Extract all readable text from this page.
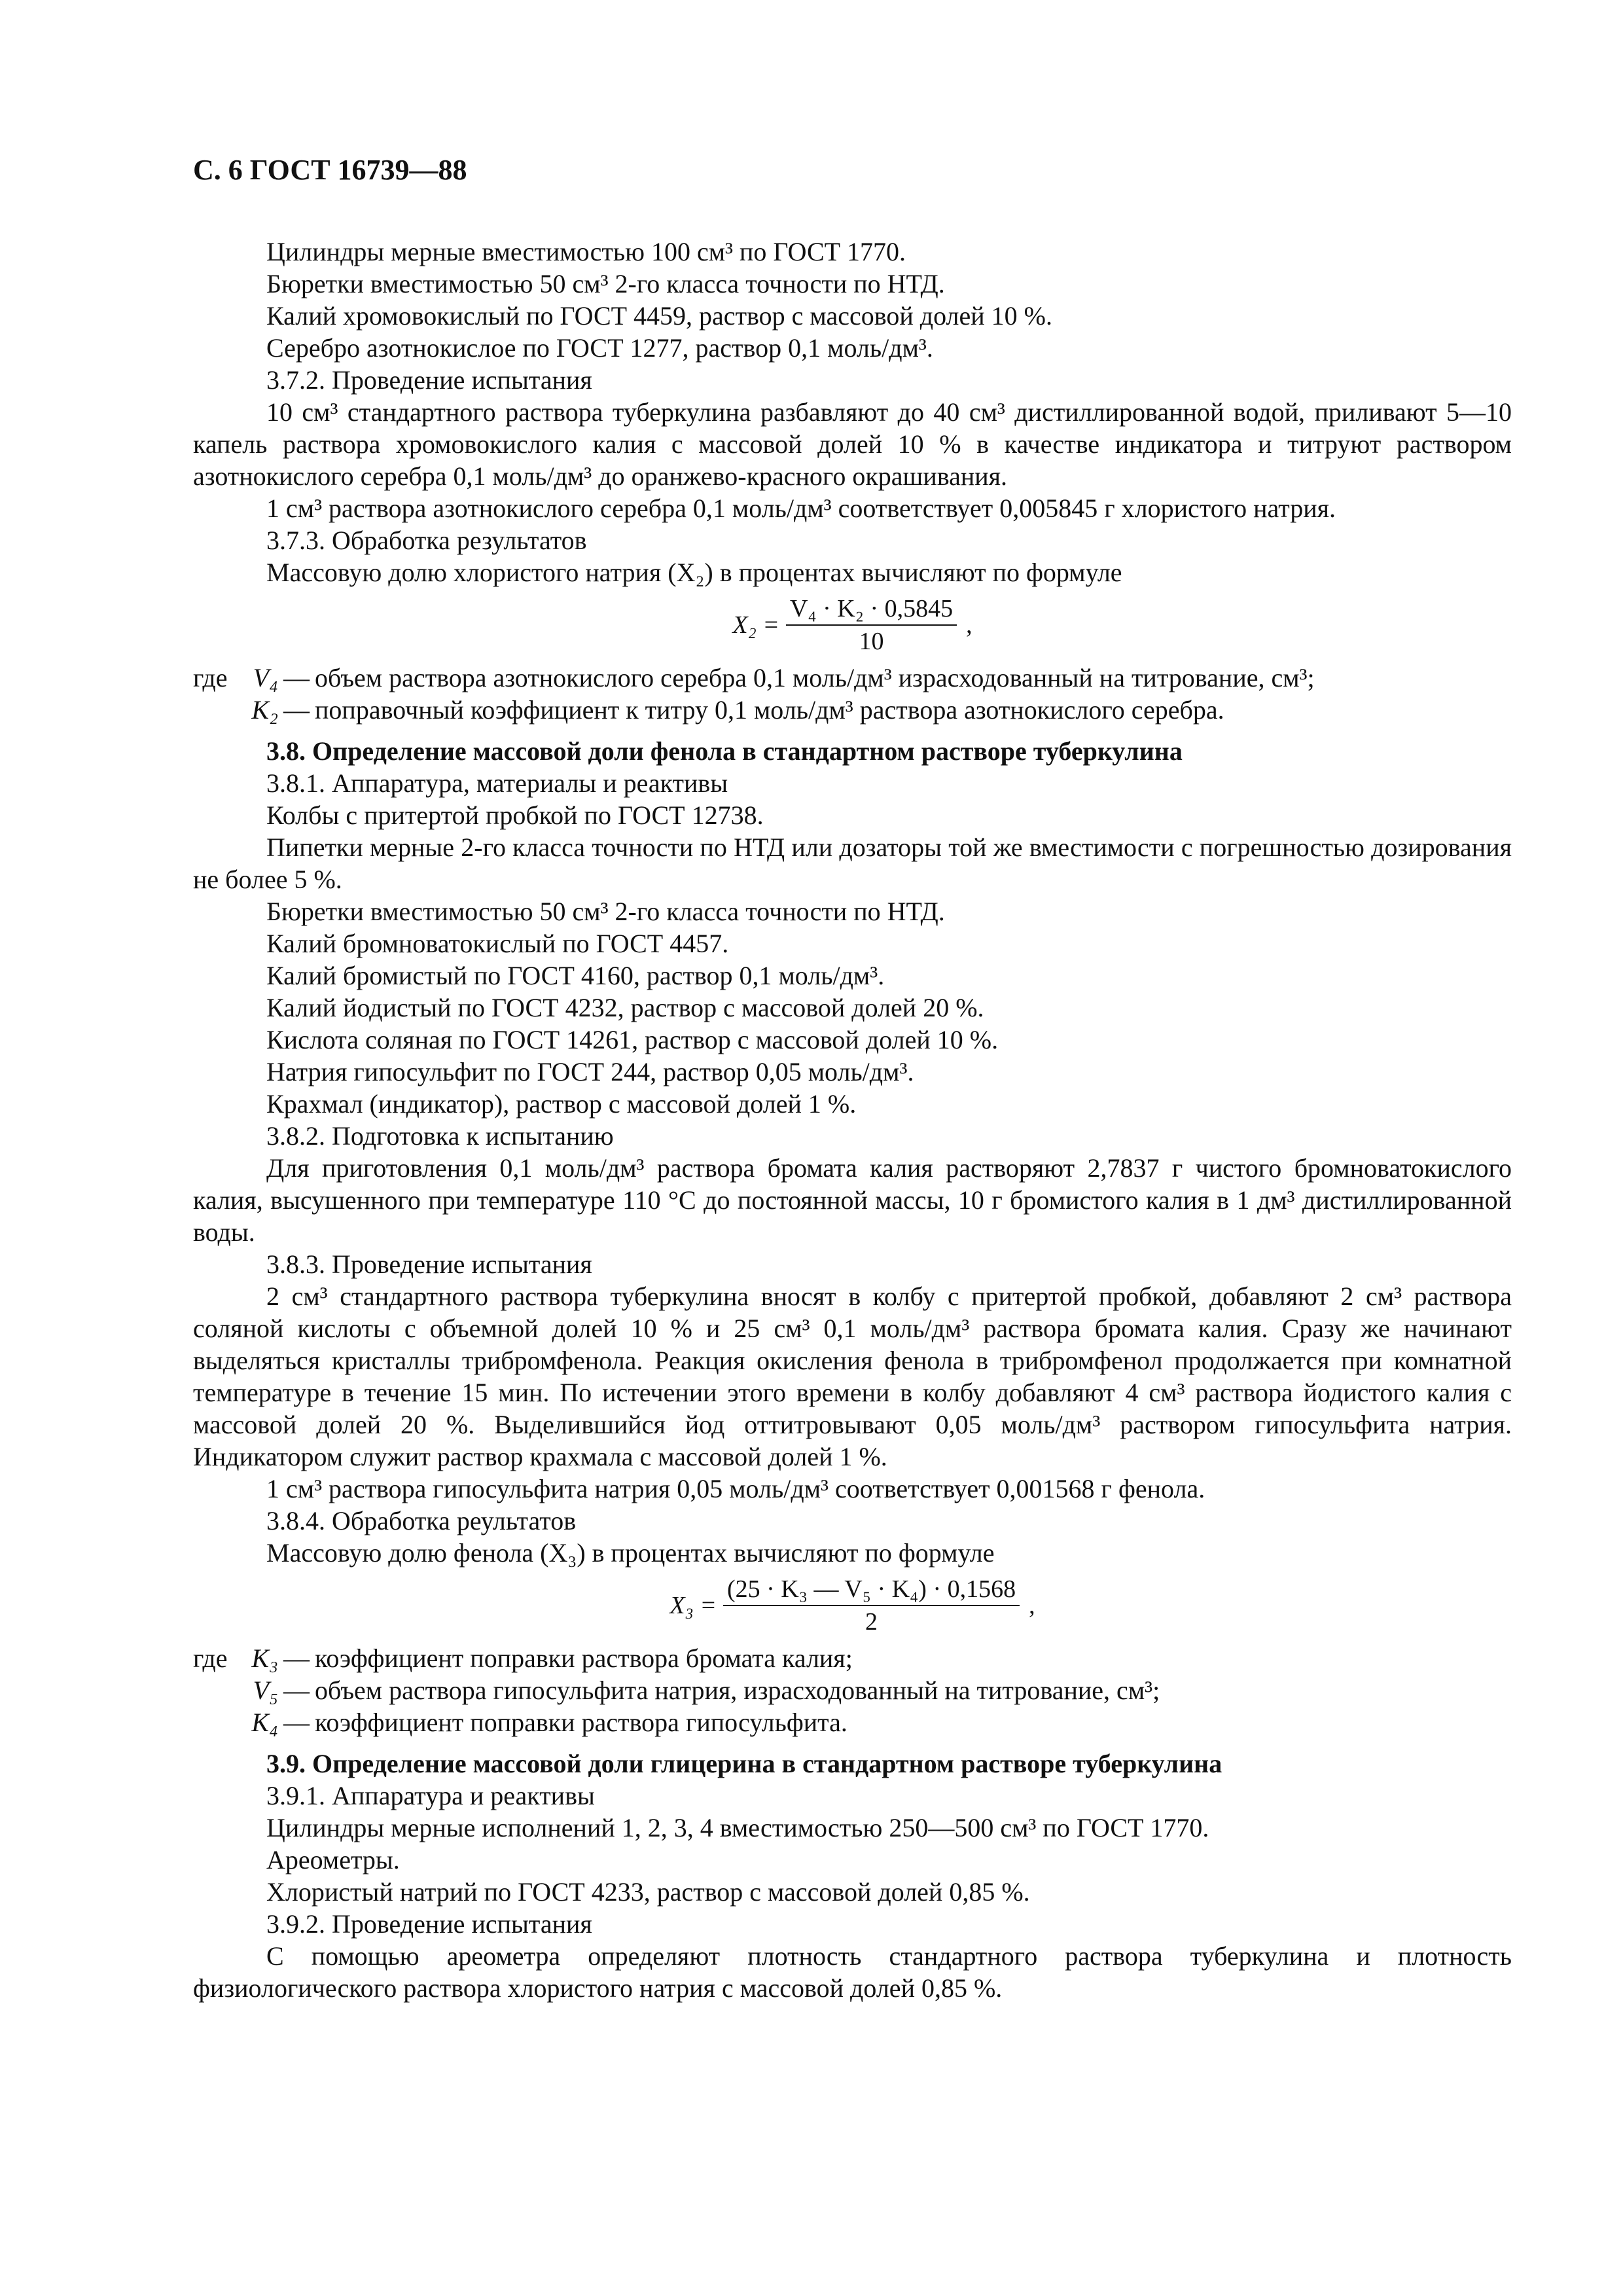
С. 6 ГОСТ 16739—88
Цилиндры мерные вместимостью 100 см³ по ГОСТ 1770.
Бюретки вместимостью 50 см³ 2-го класса точности по НТД.
Калий хромовокислый по ГОСТ 4459, раствор с массовой долей 10 %.
Серебро азотнокислое по ГОСТ 1277, раствор 0,1 моль/дм³.
3.7.2. Проведение испытания

10 см³ стандартного раствора туберкулина разбавляют до 40 см³ дистиллированной водой, приливают 5—10 капель раствора хромовокислого калия с массовой долей 10 % в качестве индикатора и титруют раствором азотнокислого серебра 0,1 моль/дм³ до оранжево-красного окрашивания.

1 см³ раствора азотнокислого серебра 0,1 моль/дм³ соответствует 0,005845 г хлористого натрия.

3.7.3. Обработка результатов
Массовую долю хлористого натрия (X₂) в процентах вычисляют по формуле
$X_2 = \frac{\text{V₄ · K₂ · 0,5845}}{10}$ ,
где V₄ — объем раствора азотнокислого серебра 0,1 моль/дм³ израсходованный на титрование, см³;
K₂ — поправочный коэффициент к титру 0,1 моль/дм³ раствора азотнокислого серебра.
3.8. Определение массовой доли фенола в стандартном растворе туберкулина
3.8.1. Аппаратура, материалы и реактивы
Колбы с притертой пробкой по ГОСТ 12738.

Пипетки мерные 2-го класса точности по НТД или дозаторы той же вместимости с погрешностью дозирования не более 5 %.

Бюретки вместимостью 50 см³ 2-го класса точности по НТД.
Калий бромноватокислый по ГОСТ 4457.
Калий бромистый по ГОСТ 4160, раствор 0,1 моль/дм³.
Калий йодистый по ГОСТ 4232, раствор с массовой долей 20 %.
Кислота соляная по ГОСТ 14261, раствор с массовой долей 10 %.
Натрия гипосульфит по ГОСТ 244, раствор 0,05 моль/дм³.
Крахмал (индикатор), раствор с массовой долей 1 %.
3.8.2. Подготовка к испытанию

Для приготовления 0,1 моль/дм³ раствора бромата калия растворяют 2,7837 г чистого бромноватокислого калия, высушенного при температуре 110 °С до постоянной массы, 10 г бромистого калия в 1 дм³ дистиллированной воды.

3.8.3. Проведение испытания

2 см³ стандартного раствора туберкулина вносят в колбу с притертой пробкой, добавляют 2 см³ раствора соляной кислоты с объемной долей 10 % и 25 см³ 0,1 моль/дм³ раствора бромата калия. Сразу же начинают выделяться кристаллы трибромфенола. Реакция окисления фенола в трибромфенол продолжается при комнатной температуре в течение 15 мин. По истечении этого времени в колбу добавляют 4 см³ раствора йодистого калия с массовой долей 20 %. Выделившийся йод оттитровывают 0,05 моль/дм³ раствором гипосульфита натрия. Индикатором служит раствор крахмала с массовой долей 1 %.

1 см³ раствора гипосульфита натрия 0,05 моль/дм³ соответствует 0,001568 г фенола.

3.8.4. Обработка реультатов
Массовую долю фенола (X₃) в процентах вычисляют по формуле
$X_3 = \frac{\text{(25 · K₃ — V₅ · K₄) · 0,1568}}{2}$ ,
где K₃ — коэффициент поправки раствора бромата калия;
V₅ — объем раствора гипосульфита натрия, израсходованный на титрование, см³;
K₄ — коэффициент поправки раствора гипосульфита.
3.9. Определение массовой доли глицерина в стандартном растворе туберкулина
3.9.1. Аппаратура и реактивы
Цилиндры мерные исполнений 1, 2, 3, 4 вместимостью 250—500 см³ по ГОСТ 1770.
Ареометры.
Хлористый натрий по ГОСТ 4233, раствор с массовой долей 0,85 %.
3.9.2. Проведение испытания

С помощью ареометра определяют плотность стандартного раствора туберкулина и плотность физиологического раствора хлористого натрия с массовой долей 0,85 %.
